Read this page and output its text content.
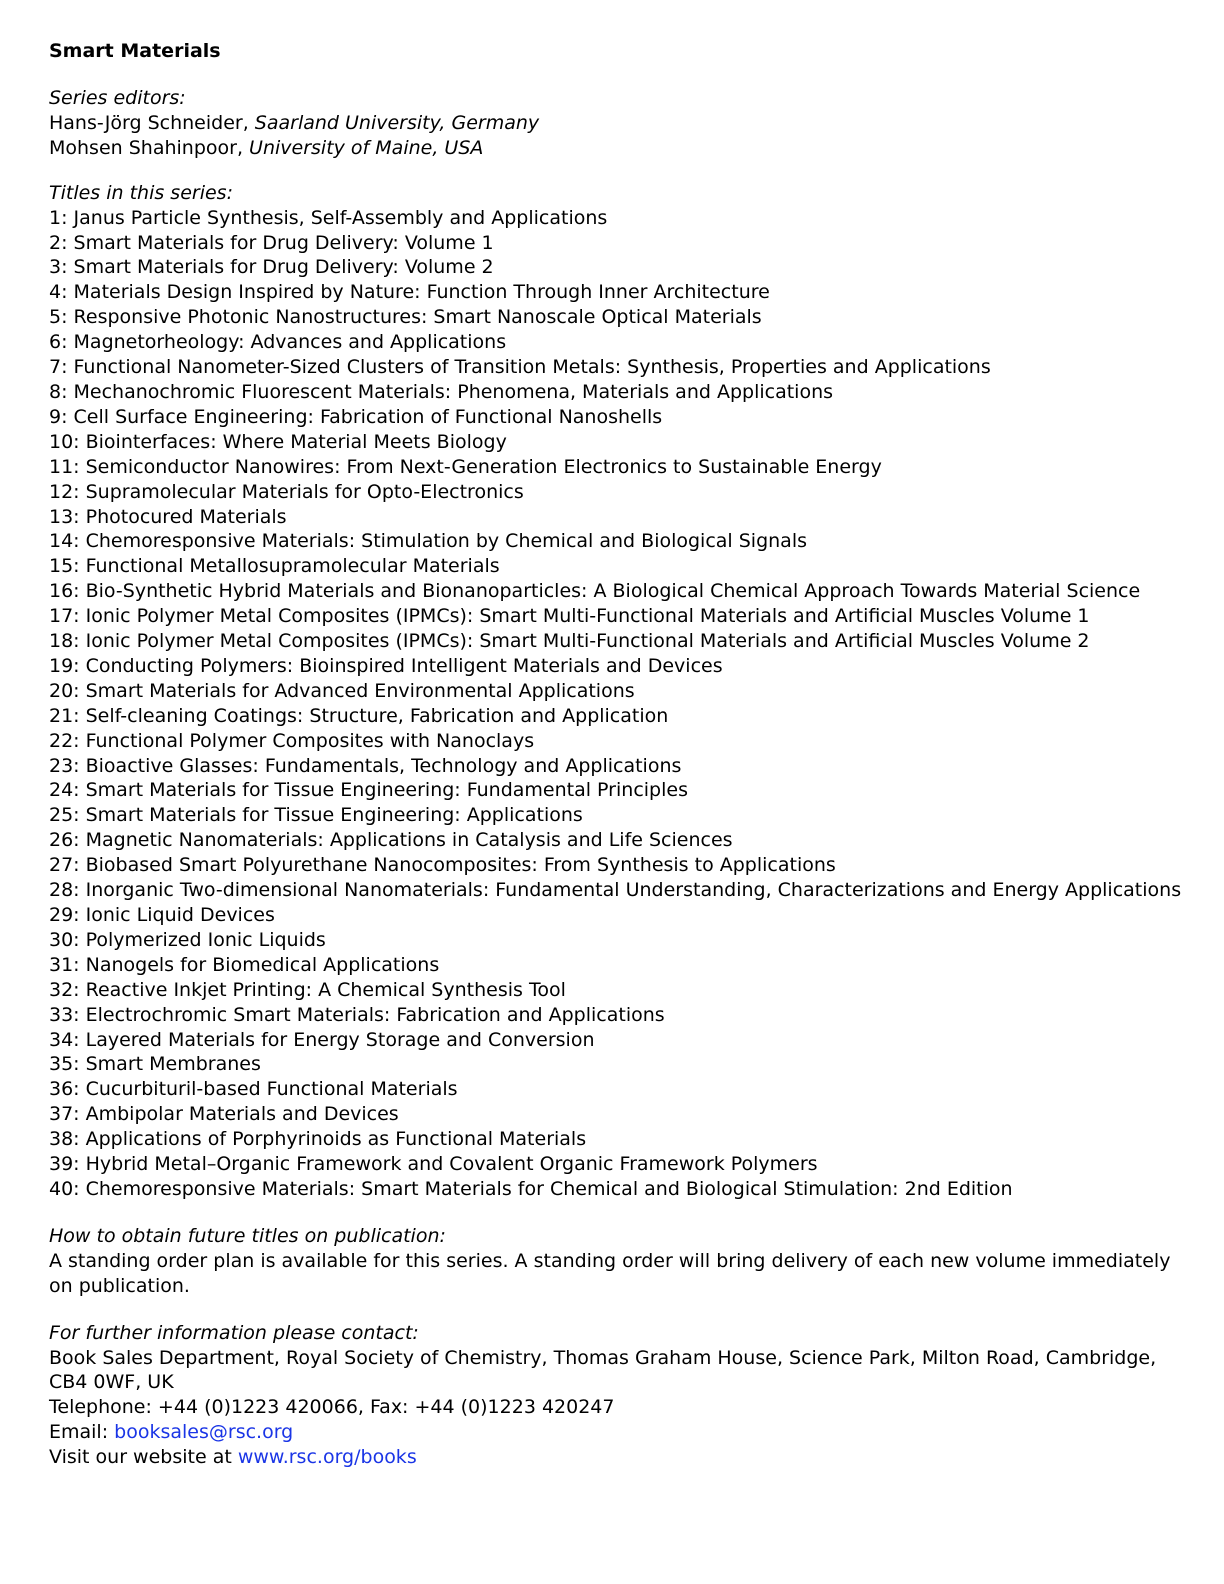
Smart Materials

Series editors:
Hans-Jörg Schneider, Saarland University, Germany
Mohsen Shahinpoor, University of Maine, USA
Titles in this series:
1: Janus Particle Synthesis, Self-Assembly and Applications
2: Smart Materials for Drug Delivery: Volume 1
3: Smart Materials for Drug Delivery: Volume 2
4: Materials Design Inspired by Nature: Function Through Inner Architecture
5: Responsive Photonic Nanostructures: Smart Nanoscale Optical Materials
6: Magnetorheology: Advances and Applications
7: Functional Nanometer-Sized Clusters of Transition Metals: Synthesis, Properties and Applications
8: Mechanochromic Fluorescent Materials: Phenomena, Materials and Applications
9: Cell Surface Engineering: Fabrication of Functional Nanoshells
10: Biointerfaces: Where Material Meets Biology
11: Semiconductor Nanowires: From Next-Generation Electronics to Sustainable Energy
12: Supramolecular Materials for Opto-Electronics
13: Photocured Materials
14: Chemoresponsive Materials: Stimulation by Chemical and Biological Signals
15: Functional Metallosupramolecular Materials
16: Bio-Synthetic Hybrid Materials and Bionanoparticles: A Biological Chemical Approach Towards Material Science
17: Ionic Polymer Metal Composites (IPMCs): Smart Multi-Functional Materials and Artificial Muscles Volume 1
18: Ionic Polymer Metal Composites (IPMCs): Smart Multi-Functional Materials and Artificial Muscles Volume 2
19: Conducting Polymers: Bioinspired Intelligent Materials and Devices
20: Smart Materials for Advanced Environmental Applications
21: Self-cleaning Coatings: Structure, Fabrication and Application
22: Functional Polymer Composites with Nanoclays
23: Bioactive Glasses: Fundamentals, Technology and Applications
24: Smart Materials for Tissue Engineering: Fundamental Principles
25: Smart Materials for Tissue Engineering: Applications
26: Magnetic Nanomaterials: Applications in Catalysis and Life Sciences
27: Biobased Smart Polyurethane Nanocomposites: From Synthesis to Applications
28: Inorganic Two-dimensional Nanomaterials: Fundamental Understanding, Characterizations and Energy Applications
29: Ionic Liquid Devices
30: Polymerized Ionic Liquids
31: Nanogels for Biomedical Applications
32: Reactive Inkjet Printing: A Chemical Synthesis Tool
33: Electrochromic Smart Materials: Fabrication and Applications
34: Layered Materials for Energy Storage and Conversion
35: Smart Membranes
36: Cucurbituril-based Functional Materials
37: Ambipolar Materials and Devices
38: Applications of Porphyrinoids as Functional Materials
39: Hybrid Metal–Organic Framework and Covalent Organic Framework Polymers
40: Chemoresponsive Materials: Smart Materials for Chemical and Biological Stimulation: 2nd Edition
How to obtain future titles on publication:
A standing order plan is available for this series. A standing order will bring delivery of each new volume immediately on publication.
For further information please contact:
Book Sales Department, Royal Society of Chemistry, Thomas Graham House, Science Park, Milton Road, Cambridge, CB4 0WF, UK
Telephone: +44 (0)1223 420066, Fax: +44 (0)1223 420247
Email: booksales@rsc.org
Visit our website at www.rsc.org/books
